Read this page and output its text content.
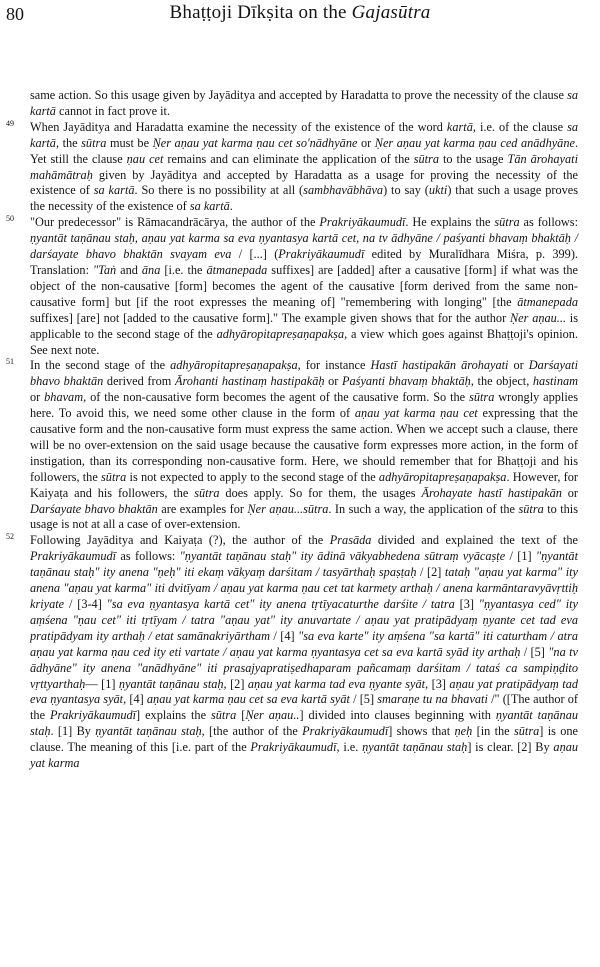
80	Bhaṭṭoji Dīkṣita on the Gajasūtra

same action. So this usage given by Jayāditya and accepted by Haradatta to prove the necessity of the clause sa kartā cannot in fact prove it.

49 When Jayāditya and Haradatta examine the necessity of the existence of the word kartā, i.e. of the clause sa kartā, the sūtra must be Ṇer aṇau yat karma ṇau cet so'nādhyāne or Ṇer aṇau yat karma ṇau ced anādhyāne. Yet still the clause ṇau cet remains and can eliminate the application of the sūtra to the usage Tān ārohayati mahāmātraḥ given by Jayāditya and accepted by Haradatta as a usage for proving the necessity of the existence of sa kartā. So there is no possibility at all (sambhavābhāva) to say (ukti) that such a usage proves the necessity of the existence of sa kartā.

50 "Our predecessor" is Rāmacandrācārya, the author of the Prakriyākaumudī. He explains the sūtra as follows: ṇyantāt taṇānau staḥ, aṇau yat karma sa eva ṇyantasya kartā cet, na tv ādhyāne / paśyanti bhavaṃ bhaktāḥ / darśayate bhavo bhaktān svayam eva / [...] (Prakriyākaumudī edited by Muralīdhara Miśra, p. 399). Translation: "Taṅ and āna [i.e. the ātmanepada suffixes] are [added] after a causative [form] if what was the object of the non-causative [form] becomes the agent of the causative [form derived from the same non-causative form] but [if the root expresses the meaning of] "remembering with longing" [the ātmanepada suffixes] [are] not [added to the causative form]." The example given shows that for the author Ṇer aṇau... is applicable to the second stage of the adhyāropitapreṣaṇapakṣa, a view which goes against Bhaṭṭoji's opinion. See next note.

51 In the second stage of the adhyāropitapreṣaṇapakṣa, for instance Hastī hastipakān ārohayati or Darśayati bhavo bhaktān derived from Ārohanti hastinaṃ hastipakāḥ or Paśyanti bhavaṃ bhaktāḥ, the object, hastinam or bhavam, of the non-causative form becomes the agent of the causative form. So the sūtra wrongly applies here. To avoid this, we need some other clause in the form of aṇau yat karma ṇau cet expressing that the causative form and the non-causative form must express the same action. When we accept such a clause, there will be no over-extension on the said usage because the causative form expresses more action, in the form of instigation, than its corresponding non-causative form. Here, we should remember that for Bhaṭṭoji and his followers, the sūtra is not expected to apply to the second stage of the adhyāropitapreṣaṇapakṣa. However, for Kaiyaṭa and his followers, the sūtra does apply. So for them, the usages Ārohayate hastī hastipakān or Darśayate bhavo bhaktān are examples for Ṇer aṇau...sūtra. In such a way, the application of the sūtra to this usage is not at all a case of over-extension.

52 Following Jayāditya and Kaiyaṭa (?), the author of the Prasāda divided and explained the text of the Prakriyākaumudī as follows: "ṇyantāt taṇānau staḥ" ity ādinā vākyabhedena sūtraṃ vyācaṣṭe / [1] "ṇyantāt taṇānau staḥ" ity anena "ṇeḥ" iti ekaṃ vākyaṃ darśitam / tasyārthaḥ spaṣṭaḥ / [2] tataḥ "aṇau yat karma" ity anena "aṇau yat karma" iti dvitīyam / aṇau yat karma ṇau cet tat karmety arthaḥ / anena karmāntaravyāvṛttiḥ kriyate / [3-4] "sa eva ṇyantasya kartā cet" ity anena tṛtīyacaturthe darśite / tatra [3] "ṇyantasya ced" ity aṃśena "ṇau cet" iti tṛtīyam / tatra "aṇau yat" ity anuvartate / aṇau yat pratipādyaṃ ṇyante cet tad eva pratipādyam ity arthaḥ / etat samānakriyārtham / [4] "sa eva karte" ity aṃśena "sa kartā" iti caturtham / atra aṇau yat karma ṇau ced ity eti vartate / aṇau yat karma ṇyantasya cet sa eva kartā syād ity arthaḥ / [5] "na tv ādhyāne" ity anena "anādhyāne" iti prasajyapratiṣedhaparam pañcamaṃ darśitam / tataś ca sampiṇḍito vṛttyarthaḥ— [1] ṇyantāt taṇānau staḥ, [2] aṇau yat karma tad eva ṇyante syāt, [3] aṇau yat pratipādyaṃ tad eva ṇyantasya syāt, [4] aṇau yat karma ṇau cet sa eva kartā syāt / [5] smaraṇe tu na bhavati /" ([The author of the Prakriyākaumudī] explains the sūtra [Ṇer aṇau..] divided into clauses beginning with ṇyantāt taṇānau staḥ. [1] By ṇyantāt taṇānau staḥ, [the author of the Prakriyākaumudī] shows that ṇeḥ [in the sūtra] is one clause. The meaning of this [i.e. part of the Prakriyākaumudī, i.e. ṇyantāt taṇānau staḥ] is clear. [2] By aṇau yat karma
